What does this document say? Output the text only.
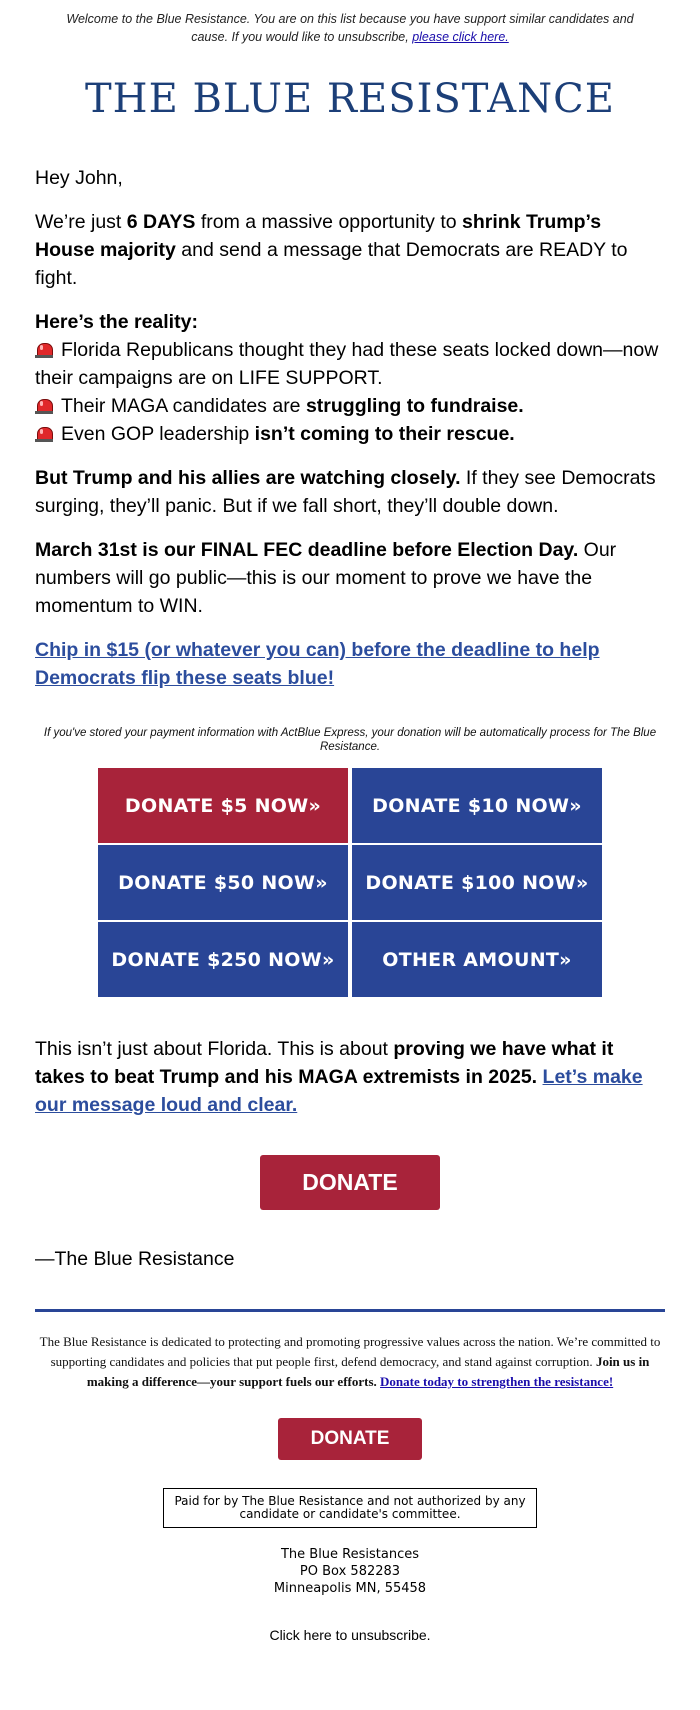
Welcome to the Blue Resistance. You are on this list because you have support similar candidates and cause. If you would like to unsubscribe, please click here.
THE BLUE RESISTANCE

Hey John,

We’re just 6 DAYS from a massive opportunity to shrink Trump’s House majority and send a message that Democrats are READY to fight.

Here’s the reality:

Florida Republicans thought they had these seats locked down—now their campaigns are on LIFE SUPPORT.

Their MAGA candidates are struggling to fundraise.

Even GOP leadership isn’t coming to their rescue.

But Trump and his allies are watching closely. If they see Democrats surging, they’ll panic. But if we fall short, they’ll double down.

March 31st is our FINAL FEC deadline before Election Day. Our numbers will go public—this is our moment to prove we have the momentum to WIN.

Chip in $15 (or whatever you can) before the deadline to help Democrats flip these seats blue!

If you've stored your payment information with ActBlue Express, your donation will be automatically process for The Blue Resistance.
DONATE $5 NOW»	DONATE $10 NOW»
DONATE $50 NOW»	DONATE $100 NOW»
DONATE $250 NOW»	OTHER AMOUNT»
This isn’t just about Florida. This is about proving we have what it takes to beat Trump and his MAGA extremists in 2025. Let’s make our message loud and clear.
DONATE
—The Blue Resistance
The Blue Resistance is dedicated to protecting and promoting progressive values across the nation. We’re committed to supporting candidates and policies that put people first, defend democracy, and stand against corruption. Join us in making a difference—your support fuels our efforts. Donate today to strengthen the resistance!
DONATE
Paid for by The Blue Resistance and not authorized by any candidate or candidate's committee.
The Blue Resistances
PO Box 582283
Minneapolis MN, 55458
Click here to unsubscribe.
